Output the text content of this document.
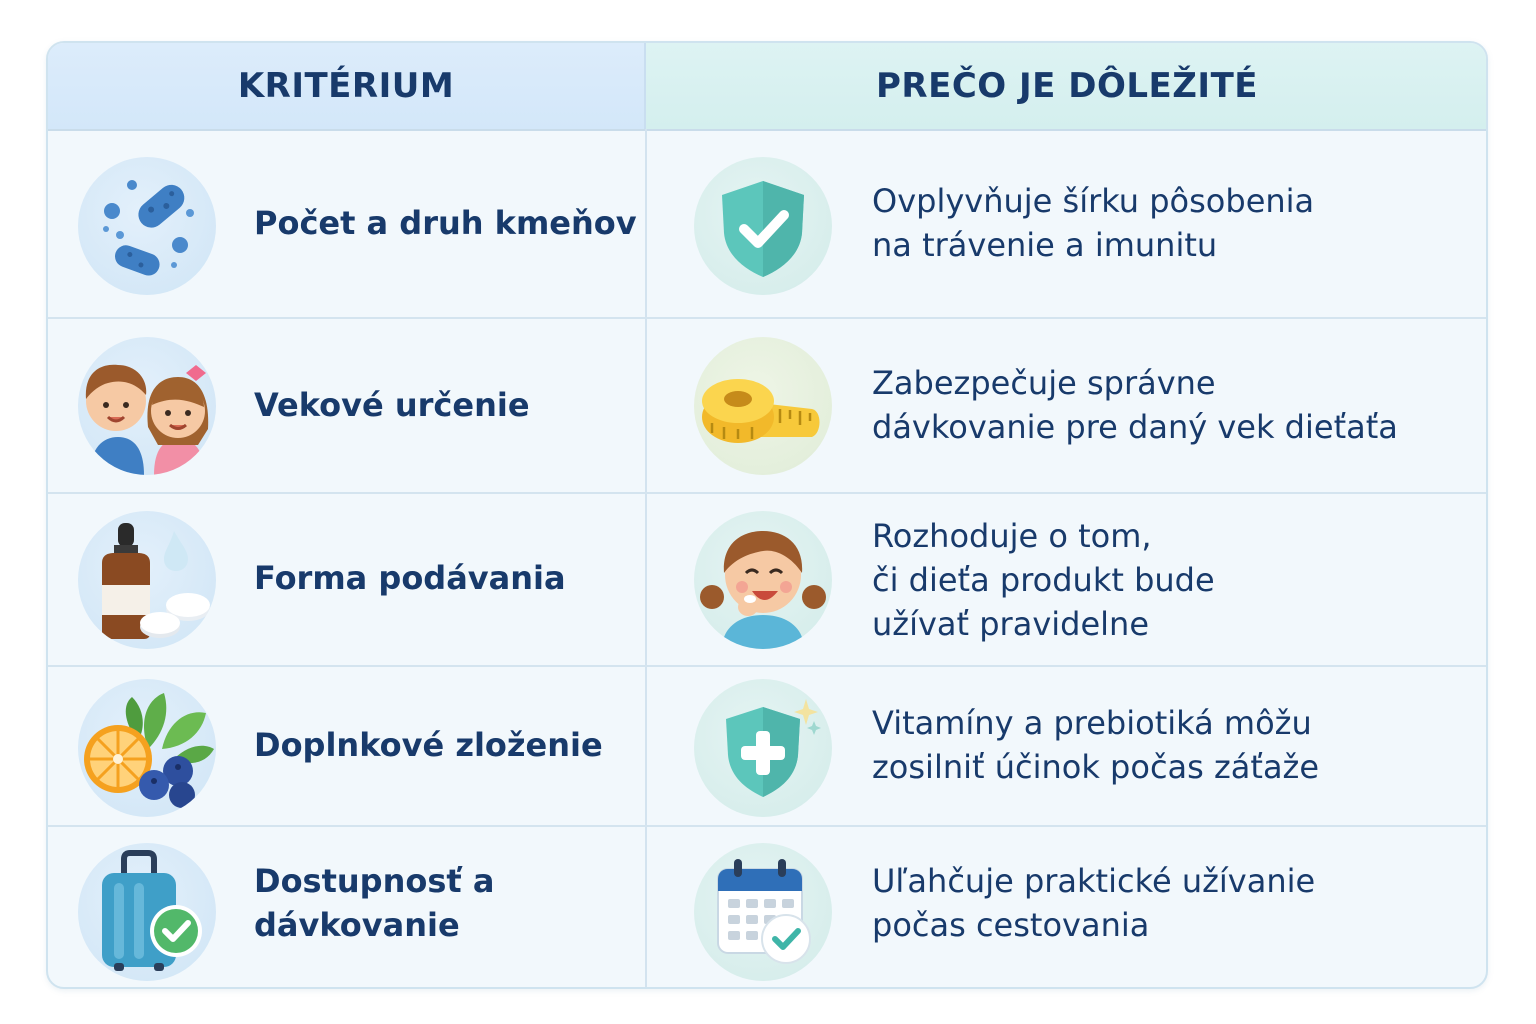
KRITÉRIUM	PREČO JE DÔLEŽITÉ
Počet a druh kmeňov
Ovplyvňuje šírku pôsobenia
na trávenie a imunitu
Vekové určenie
Zabezpečuje správne
dávkovanie pre daný vek dieťaťa
Forma podávania
Rozhoduje o tom,
či dieťa produkt bude
užívať pravidelne
Doplnkové zloženie
Vitamíny a prebiotiká môžu
zosilniť účinok počas záťaže
Dostupnosť a
dávkovanie
Uľahčuje praktické užívanie
počas cestovania
